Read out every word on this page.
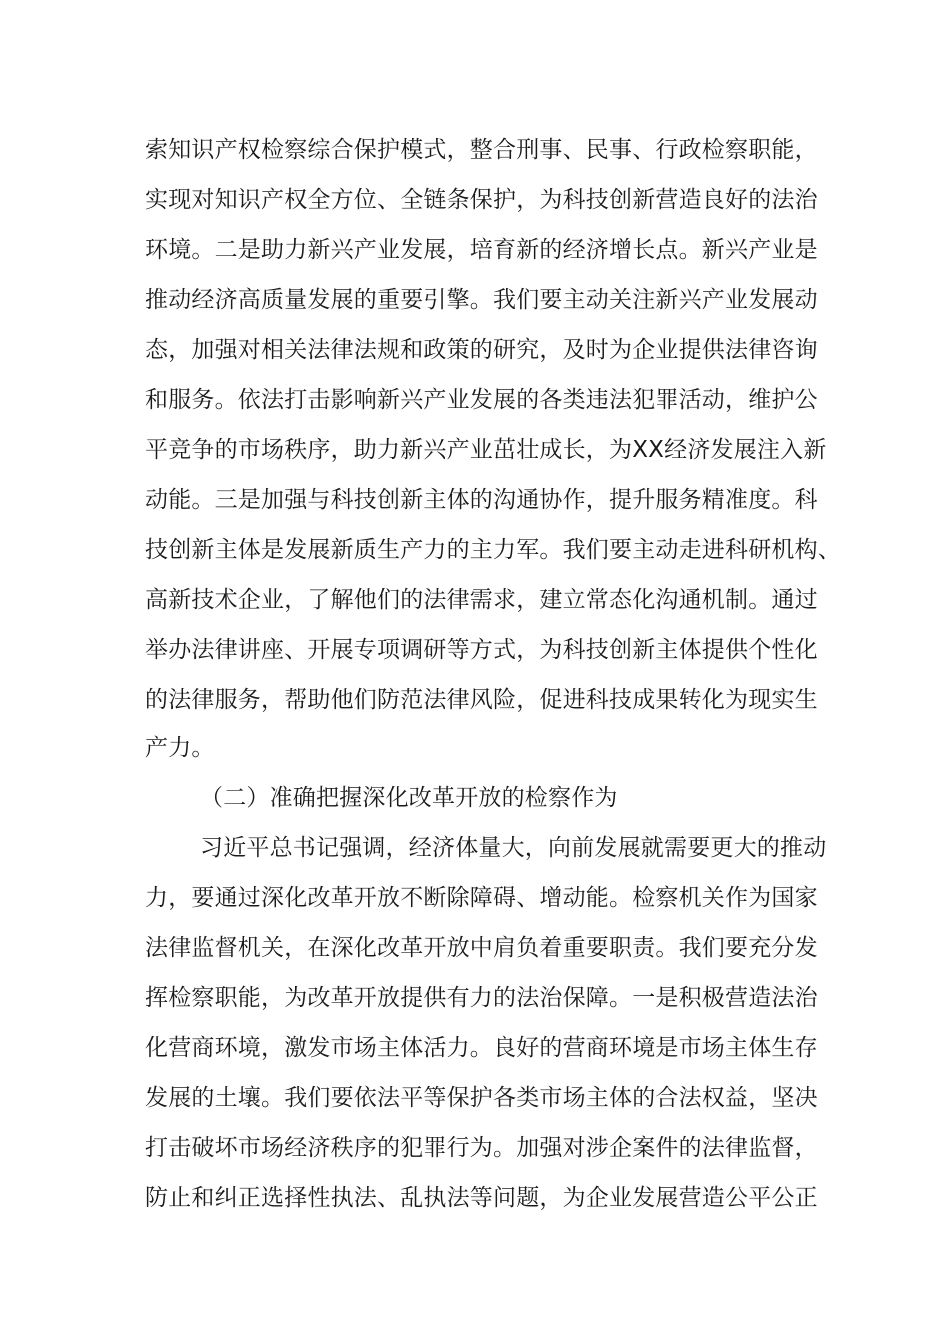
索知识产权检察综合保护模式，整合刑事、民事、行政检察职能，
实现对知识产权全方位、全链条保护，为科技创新营造良好的法治
环境。二是助力新兴产业发展，培育新的经济增长点。新兴产业是
推动经济高质量发展的重要引擎。我们要主动关注新兴产业发展动
态，加强对相关法律法规和政策的研究，及时为企业提供法律咨询
和服务。依法打击影响新兴产业发展的各类违法犯罪活动，维护公
平竞争的市场秩序，助力新兴产业茁壮成长，为XX经济发展注入新
动能。三是加强与科技创新主体的沟通协作，提升服务精准度。科
技创新主体是发展新质生产力的主力军。我们要主动走进科研机构、
高新技术企业，了解他们的法律需求，建立常态化沟通机制。通过
举办法律讲座、开展专项调研等方式，为科技创新主体提供个性化
的法律服务，帮助他们防范法律风险，促进科技成果转化为现实生
产力。
（二）准确把握深化改革开放的检察作为
习近平总书记强调，经济体量大，向前发展就需要更大的推动
力，要通过深化改革开放不断除障碍、增动能。检察机关作为国家
法律监督机关，在深化改革开放中肩负着重要职责。我们要充分发
挥检察职能，为改革开放提供有力的法治保障。一是积极营造法治
化营商环境，激发市场主体活力。良好的营商环境是市场主体生存
发展的土壤。我们要依法平等保护各类市场主体的合法权益，坚决
打击破坏市场经济秩序的犯罪行为。加强对涉企案件的法律监督，
防止和纠正选择性执法、乱执法等问题，为企业发展营造公平公正
